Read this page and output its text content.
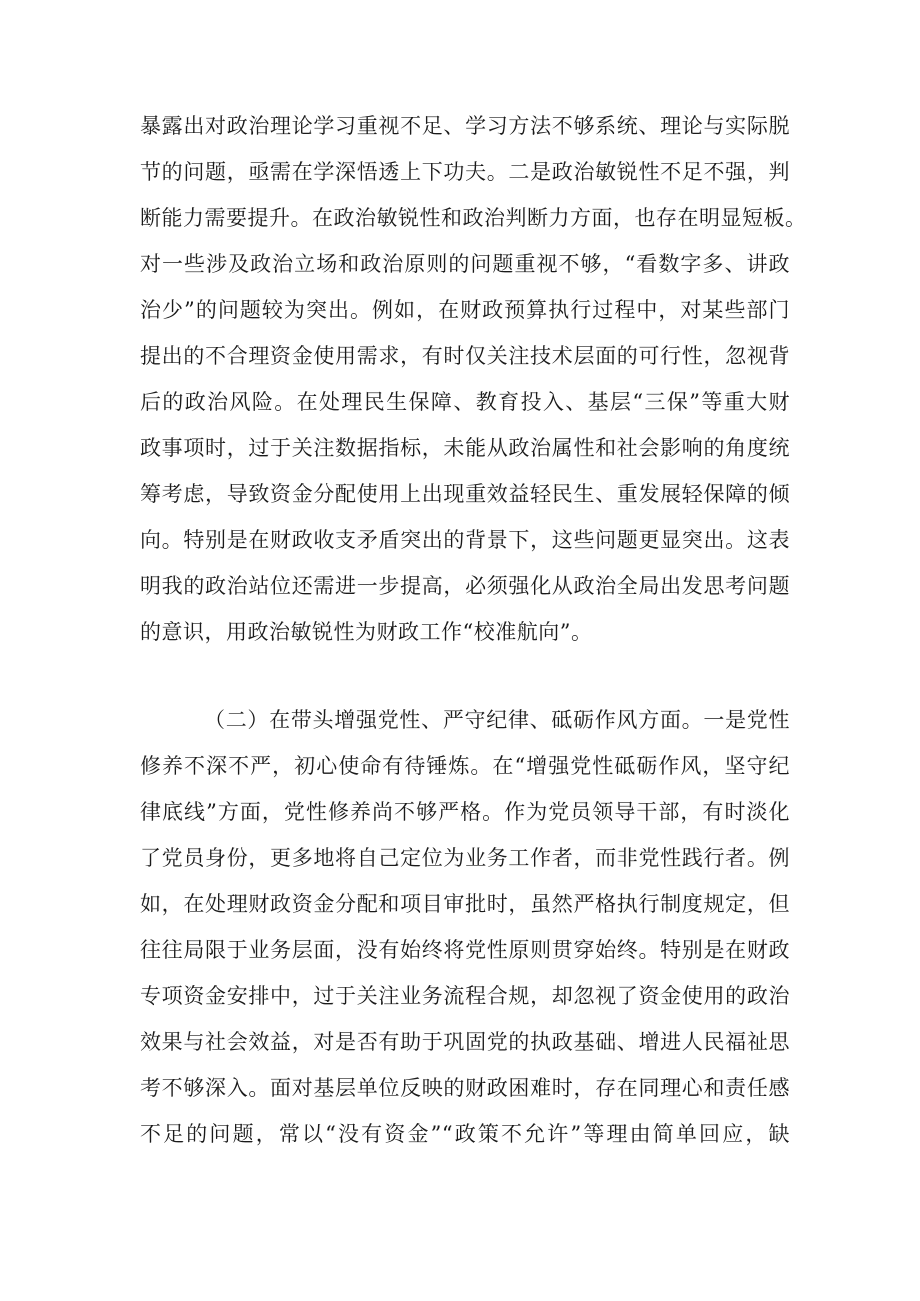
暴露出对政治理论学习重视不足、学习方法不够系统、理论与实际脱
节的问题，亟需在学深悟透上下功夫。二是政治敏锐性不足不强，判
断能力需要提升。在政治敏锐性和政治判断力方面，也存在明显短板。
对一些涉及政治立场和政治原则的问题重视不够，“看数字多、讲政
治少”的问题较为突出。例如，在财政预算执行过程中，对某些部门
提出的不合理资金使用需求，有时仅关注技术层面的可行性，忽视背
后的政治风险。在处理民生保障、教育投入、基层“三保”等重大财
政事项时，过于关注数据指标，未能从政治属性和社会影响的角度统
筹考虑，导致资金分配使用上出现重效益轻民生、重发展轻保障的倾
向。特别是在财政收支矛盾突出的背景下，这些问题更显突出。这表
明我的政治站位还需进一步提高，必须强化从政治全局出发思考问题
的意识，用政治敏锐性为财政工作“校准航向”。
（二）在带头增强党性、严守纪律、砥砺作风方面。一是党性
修养不深不严，初心使命有待锤炼。在“增强党性砥砺作风，坚守纪
律底线”方面，党性修养尚不够严格。作为党员领导干部，有时淡化
了党员身份，更多地将自己定位为业务工作者，而非党性践行者。例
如，在处理财政资金分配和项目审批时，虽然严格执行制度规定，但
往往局限于业务层面，没有始终将党性原则贯穿始终。特别是在财政
专项资金安排中，过于关注业务流程合规，却忽视了资金使用的政治
效果与社会效益，对是否有助于巩固党的执政基础、增进人民福祉思
考不够深入。面对基层单位反映的财政困难时，存在同理心和责任感
不足的问题，常以“没有资金”“政策不允许”等理由简单回应，缺
